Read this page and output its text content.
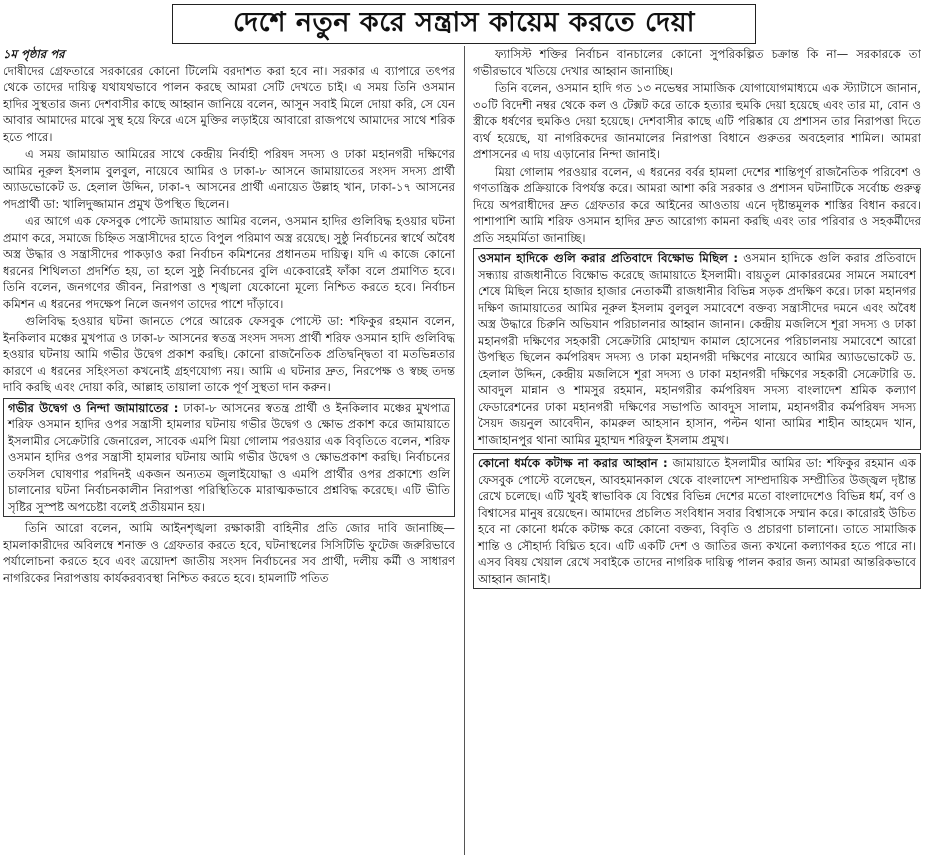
দেশে নতুন করে সন্ত্রাস কায়েম করতে দেয়া
১ম পৃষ্ঠার পর

দোষীদের গ্রেফতারে সরকারের কোনো টিলেমি বরদাশত করা হবে না। সরকার এ ব্যাপারে তৎপর থেকে তাদের দায়িত্ব যথাযথভাবে পালন করছে আমরা সেটি দেখতে চাই। এ সময় তিনি ওসমান হাদির সুস্থতার জন্য দেশবাসীর কাছে আহ্বান জানিয়ে বলেন, আসুন সবাই মিলে দোয়া করি, সে যেন আবার আমাদের মাঝে সুস্থ হয়ে ফিরে এসে মুক্তির লড়াইয়ে আবারো রাজপথে আমাদের সাথে শরিক হতে পারে।

এ সময় জামায়াত আমিরের সাথে কেন্দ্রীয় নির্বাহী পরিষদ সদস্য ও ঢাকা মহানগরী দক্ষিণের আমির নূরুল ইসলাম বুলবুল, নায়েবে আমির ও ঢাকা-৮ আসনে জামায়াতের সংসদ সদস্য প্রার্থী অ্যাডভোকেট ড. হেলাল উদ্দিন, ঢাকা-৭ আসনের প্রার্থী এনায়েত উল্লাহ খান, ঢাকা-১৭ আসনের পদপ্রার্থী ডা: খালিদুজ্জামান প্রমুখ উপস্থিত ছিলেন।

এর আগে এক ফেসবুক পোস্টে জামায়াত আমির বলেন, ওসমান হাদির গুলিবিদ্ধ হওয়ার ঘটনা প্রমাণ করে, সমাজে চিহ্নিত সন্ত্রাসীদের হাতে বিপুল পরিমাণ অস্ত্র রয়েছে। সুষ্ঠু নির্বাচনের স্বার্থে অবৈধ অস্ত্র উদ্ধার ও সন্ত্রাসীদের পাকড়াও করা নির্বাচন কমিশনের প্রধানতম দায়িত্ব। যদি এ কাজে কোনো ধরনের শিথিলতা প্রদর্শিত হয়, তা হলে সুষ্ঠু নির্বাচনের বুলি একেবারেই ফাঁকা বলে প্রমাণিত হবে। তিনি বলেন, জনগণের জীবন, নিরাপত্তা ও শৃঙ্খলা যেকোনো মূল্যে নিশ্চিত করতে হবে। নির্বাচন কমিশন এ ধরনের পদক্ষেপ নিলে জনগণ তাদের পাশে দাঁড়াবে।

গুলিবিদ্ধ হওয়ার ঘটনা জানতে পেরে আরেক ফেসবুক পোস্টে ডা: শফিকুর রহমান বলেন, ইনকিলাব মঞ্চের মুখপাত্র ও ঢাকা-৮ আসনের স্বতন্ত্র সংসদ সদস্য প্রার্থী শরিফ ওসমান হাদি গুলিবিদ্ধ হওয়ার ঘটনায় আমি গভীর উদ্বেগ প্রকাশ করছি। কোনো রাজনৈতিক প্রতিদ্বন্দ্বিতা বা মতভিন্নতার কারণে এ ধরনের সহিংসতা কখনোই গ্রহণযোগ্য নয়। আমি এ ঘটনার দ্রুত, নিরপেক্ষ ও স্বচ্ছ তদন্ত দাবি করছি এবং দোয়া করি, আল্লাহ তায়ালা তাকে পূর্ণ সুস্থতা দান করুন।

গভীর উদ্বেগ ও নিন্দা জামায়াতের : ঢাকা-৮ আসনের স্বতন্ত্র প্রার্থী ও ইনকিলাব মঞ্চের মুখপাত্র শরিফ ওসমান হাদির ওপর সন্ত্রাসী হামলার ঘটনায় গভীর উদ্বেগ ও ক্ষোভ প্রকাশ করে জামায়াতে ইসলামীর সেক্রেটারি জেনারেল, সাবেক এমপি মিয়া গোলাম পরওয়ার এক বিবৃতিতে বলেন, শরিফ ওসমান হাদির ওপর সন্ত্রাসী হামলার ঘটনায় আমি গভীর উদ্বেগ ও ক্ষোভপ্রকাশ করছি। নির্বাচনের তফসিল ঘোষণার পরদিনই একজন অন্যতম জুলাইযোদ্ধা ও এমপি প্রার্থীর ওপর প্রকাশ্যে গুলি চালানোর ঘটনা নির্বাচনকালীন নিরাপত্তা পরিস্থিতিকে মারাত্মকভাবে প্রশ্নবিদ্ধ করেছে। এটি ভীতি সৃষ্টির সুস্পষ্ট অপচেষ্টা বলেই প্রতীয়মান হয়।

তিনি আরো বলেন, আমি আইনশৃঙ্খলা রক্ষাকারী বাহিনীর প্রতি জোর দাবি জানাচ্ছি— হামলাকারীদের অবিলম্বে শনাক্ত ও গ্রেফতার করতে হবে, ঘটনাস্থলের সিসিটিভি ফুটেজ জরুরিভাবে পর্যালোচনা করতে হবে এবং ত্রয়োদশ জাতীয় সংসদ নির্বাচনের সব প্রার্থী, দলীয় কর্মী ও সাধারণ নাগরিকের নিরাপত্তায় কার্যকরব্যবস্থা নিশ্চিত করতে হবে। হামলাটি পতিত

ফ্যাসিস্ট শক্তির নির্বাচন বানচালের কোনো সুপরিকল্পিত চক্রান্ত কি না— সরকারকে তা গভীরভাবে খতিয়ে দেখার আহ্বান জানাচ্ছি।

তিনি বলেন, ওসমান হাদি গত ১৩ নভেম্বর সামাজিক যোগাযোগমাধ্যমে এক স্ট্যাটাসে জানান, ৩০টি বিদেশী নম্বর থেকে কল ও টেক্সট করে তাকে হত্যার হুমকি দেয়া হয়েছে এবং তার মা, বোন ও স্ত্রীকে ধর্ষণের হুমকিও দেয়া হয়েছে। দেশবাসীর কাছে এটি পরিষ্কার যে প্রশাসন তার নিরাপত্তা দিতে ব্যর্থ হয়েছে, যা নাগরিকদের জানমালের নিরাপত্তা বিধানে গুরুতর অবহেলার শামিল। আমরা প্রশাসনের এ দায় এড়ানোর নিন্দা জানাই।

মিয়া গোলাম পরওয়ার বলেন, এ ধরনের বর্বর হামলা দেশের শান্তিপূর্ণ রাজনৈতিক পরিবেশ ও গণতান্ত্রিক প্রক্রিয়াকে বিপর্যস্ত করে। আমরা আশা করি সরকার ও প্রশাসন ঘটনাটিকে সর্বোচ্চ গুরুত্ব দিয়ে অপরাধীদের দ্রুত গ্রেফতার করে আইনের আওতায় এনে দৃষ্টান্তমূলক শাস্তির বিধান করবে। পাশাপাশি আমি শরিফ ওসমান হাদির দ্রুত আরোগ্য কামনা করছি এবং তার পরিবার ও সহকর্মীদের প্রতি সহমর্মিতা জানাচ্ছি।

ওসমান হাদিকে গুলি করার প্রতিবাদে বিক্ষোভ মিছিল : ওসমান হাদিকে গুলি করার প্রতিবাদে সন্ধ্যায় রাজধানীতে বিক্ষোভ করেছে জামায়াতে ইসলামী। বায়তুল মোকাররমের সামনে সমাবেশ শেষে মিছিল নিয়ে হাজার হাজার নেতাকর্মী রাজধানীর বিভিন্ন সড়ক প্রদক্ষিণ করে। ঢাকা মহানগর দক্ষিণ জামায়াতের আমির নূরুল ইসলাম বুলবুল সমাবেশে বক্তব্য সন্ত্রাসীদের দমনে এবং অবৈধ অস্ত্র উদ্ধারে চিরুনি অভিযান পরিচালনার আহ্বান জানান। কেন্দ্রীয় মজলিসে শূরা সদস্য ও ঢাকা মহানগরী দক্ষিণের সহকারী সেক্রেটারি মোহাম্মদ কামাল হোসেনের পরিচালনায় সমাবেশে আরো উপস্থিত ছিলেন কর্মপরিষদ সদস্য ও ঢাকা মহানগরী দক্ষিণের নায়েবে আমির অ্যাডভোকেট ড. হেলাল উদ্দিন, কেন্দ্রীয় মজলিসে শূরা সদস্য ও ঢাকা মহানগরী দক্ষিণের সহকারী সেক্রেটারি ড. আবদুল মান্নান ও শামসুর রহমান, মহানগরীর কর্মপরিষদ সদস্য বাংলাদেশ শ্রমিক কল্যাণ ফেডারেশনের ঢাকা মহানগরী দক্ষিণের সভাপতি আবদুস সালাম, মহানগরীর কর্মপরিষদ সদস্য সৈয়দ জয়নুল আবেদীন, কামরুল আহসান হাসান, পল্টন থানা আমির শাহীন আহমেদ খান, শাজাহানপুর থানা আমির মুহাম্মদ শরিফুল ইসলাম প্রমুখ।

কোনো ধর্মকে কটাক্ষ না করার আহ্বান : জামায়াতে ইসলামীর আমির ডা: শফিকুর রহমান এক ফেসবুক পোস্টে বলেছেন, আবহমানকাল থেকে বাংলাদেশ সাম্প্রদায়িক সম্প্রীতির উজ্জ্বল দৃষ্টান্ত রেখে চলেছে। এটি খুবই স্বাভাবিক যে বিশ্বের বিভিন্ন দেশের মতো বাংলাদেশেও বিভিন্ন ধর্ম, বর্ণ ও বিশ্বাসের মানুষ রয়েছেন। আমাদের প্রচলিত সংবিধান সবার বিশ্বাসকে সম্মান করে। কারোরই উচিত হবে না কোনো ধর্মকে কটাক্ষ করে কোনো বক্তব্য, বিবৃতি ও প্রচারণা চালানো। তাতে সামাজিক শান্তি ও সৌহার্দ্য বিঘ্নিত হবে। এটি একটি দেশ ও জাতির জন্য কখনো কল্যাণকর হতে পারে না। এসব বিষয় খেয়াল রেখে সবাইকে তাদের নাগরিক দায়িত্ব পালন করার জন্য আমরা আন্তরিকভাবে আহ্বান জানাই।
